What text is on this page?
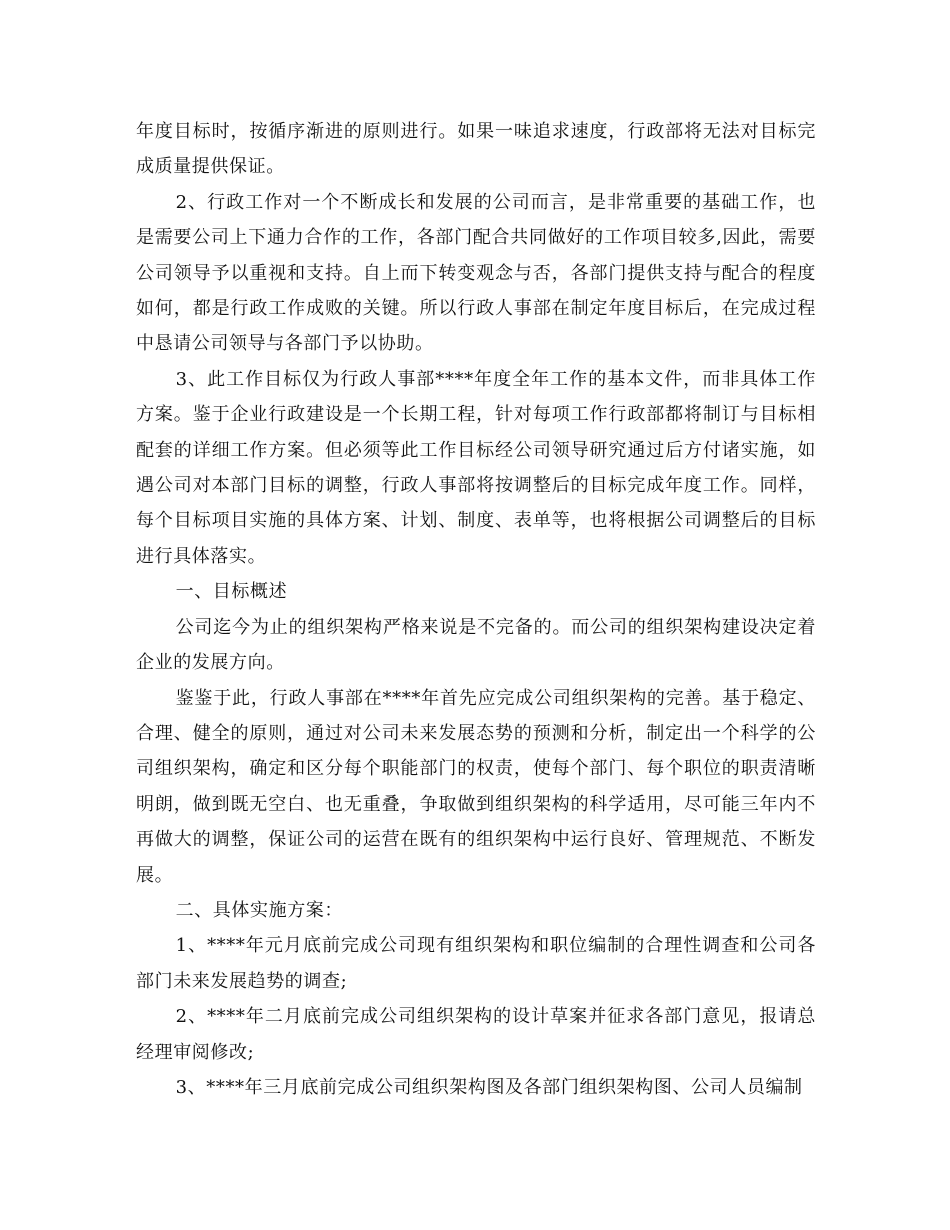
年度目标时，按循序渐进的原则进行。如果一味追求速度，行政部将无法对目标完成质量提供保证。

2、行政工作对一个不断成长和发展的公司而言，是非常重要的基础工作，也是需要公司上下通力合作的工作，各部门配合共同做好的工作项目较多,因此，需要公司领导予以重视和支持。自上而下转变观念与否，各部门提供支持与配合的程度如何，都是行政工作成败的关键。所以行政人事部在制定年度目标后，在完成过程中恳请公司领导与各部门予以协助。

3、此工作目标仅为行政人事部****年度全年工作的基本文件，而非具体工作方案。鉴于企业行政建设是一个长期工程，针对每项工作行政部都将制订与目标相配套的详细工作方案。但必须等此工作目标经公司领导研究通过后方付诸实施，如遇公司对本部门目标的调整，行政人事部将按调整后的目标完成年度工作。同样，每个目标项目实施的具体方案、计划、制度、表单等，也将根据公司调整后的目标进行具体落实。

一、目标概述

公司迄今为止的组织架构严格来说是不完备的。而公司的组织架构建设决定着企业的发展方向。

鉴鉴于此，行政人事部在****年首先应完成公司组织架构的完善。基于稳定、合理、健全的原则，通过对公司未来发展态势的预测和分析，制定出一个科学的公司组织架构，确定和区分每个职能部门的权责，使每个部门、每个职位的职责清晰明朗，做到既无空白、也无重叠，争取做到组织架构的科学适用，尽可能三年内不再做大的调整，保证公司的运营在既有的组织架构中运行良好、管理规范、不断发展。

二、具体实施方案：

1、****年元月底前完成公司现有组织架构和职位编制的合理性调查和公司各部门未来发展趋势的调查;

2、****年二月底前完成公司组织架构的设计草案并征求各部门意见，报请总经理审阅修改;

3、****年三月底前完成公司组织架构图及各部门组织架构图、公司人员编制
